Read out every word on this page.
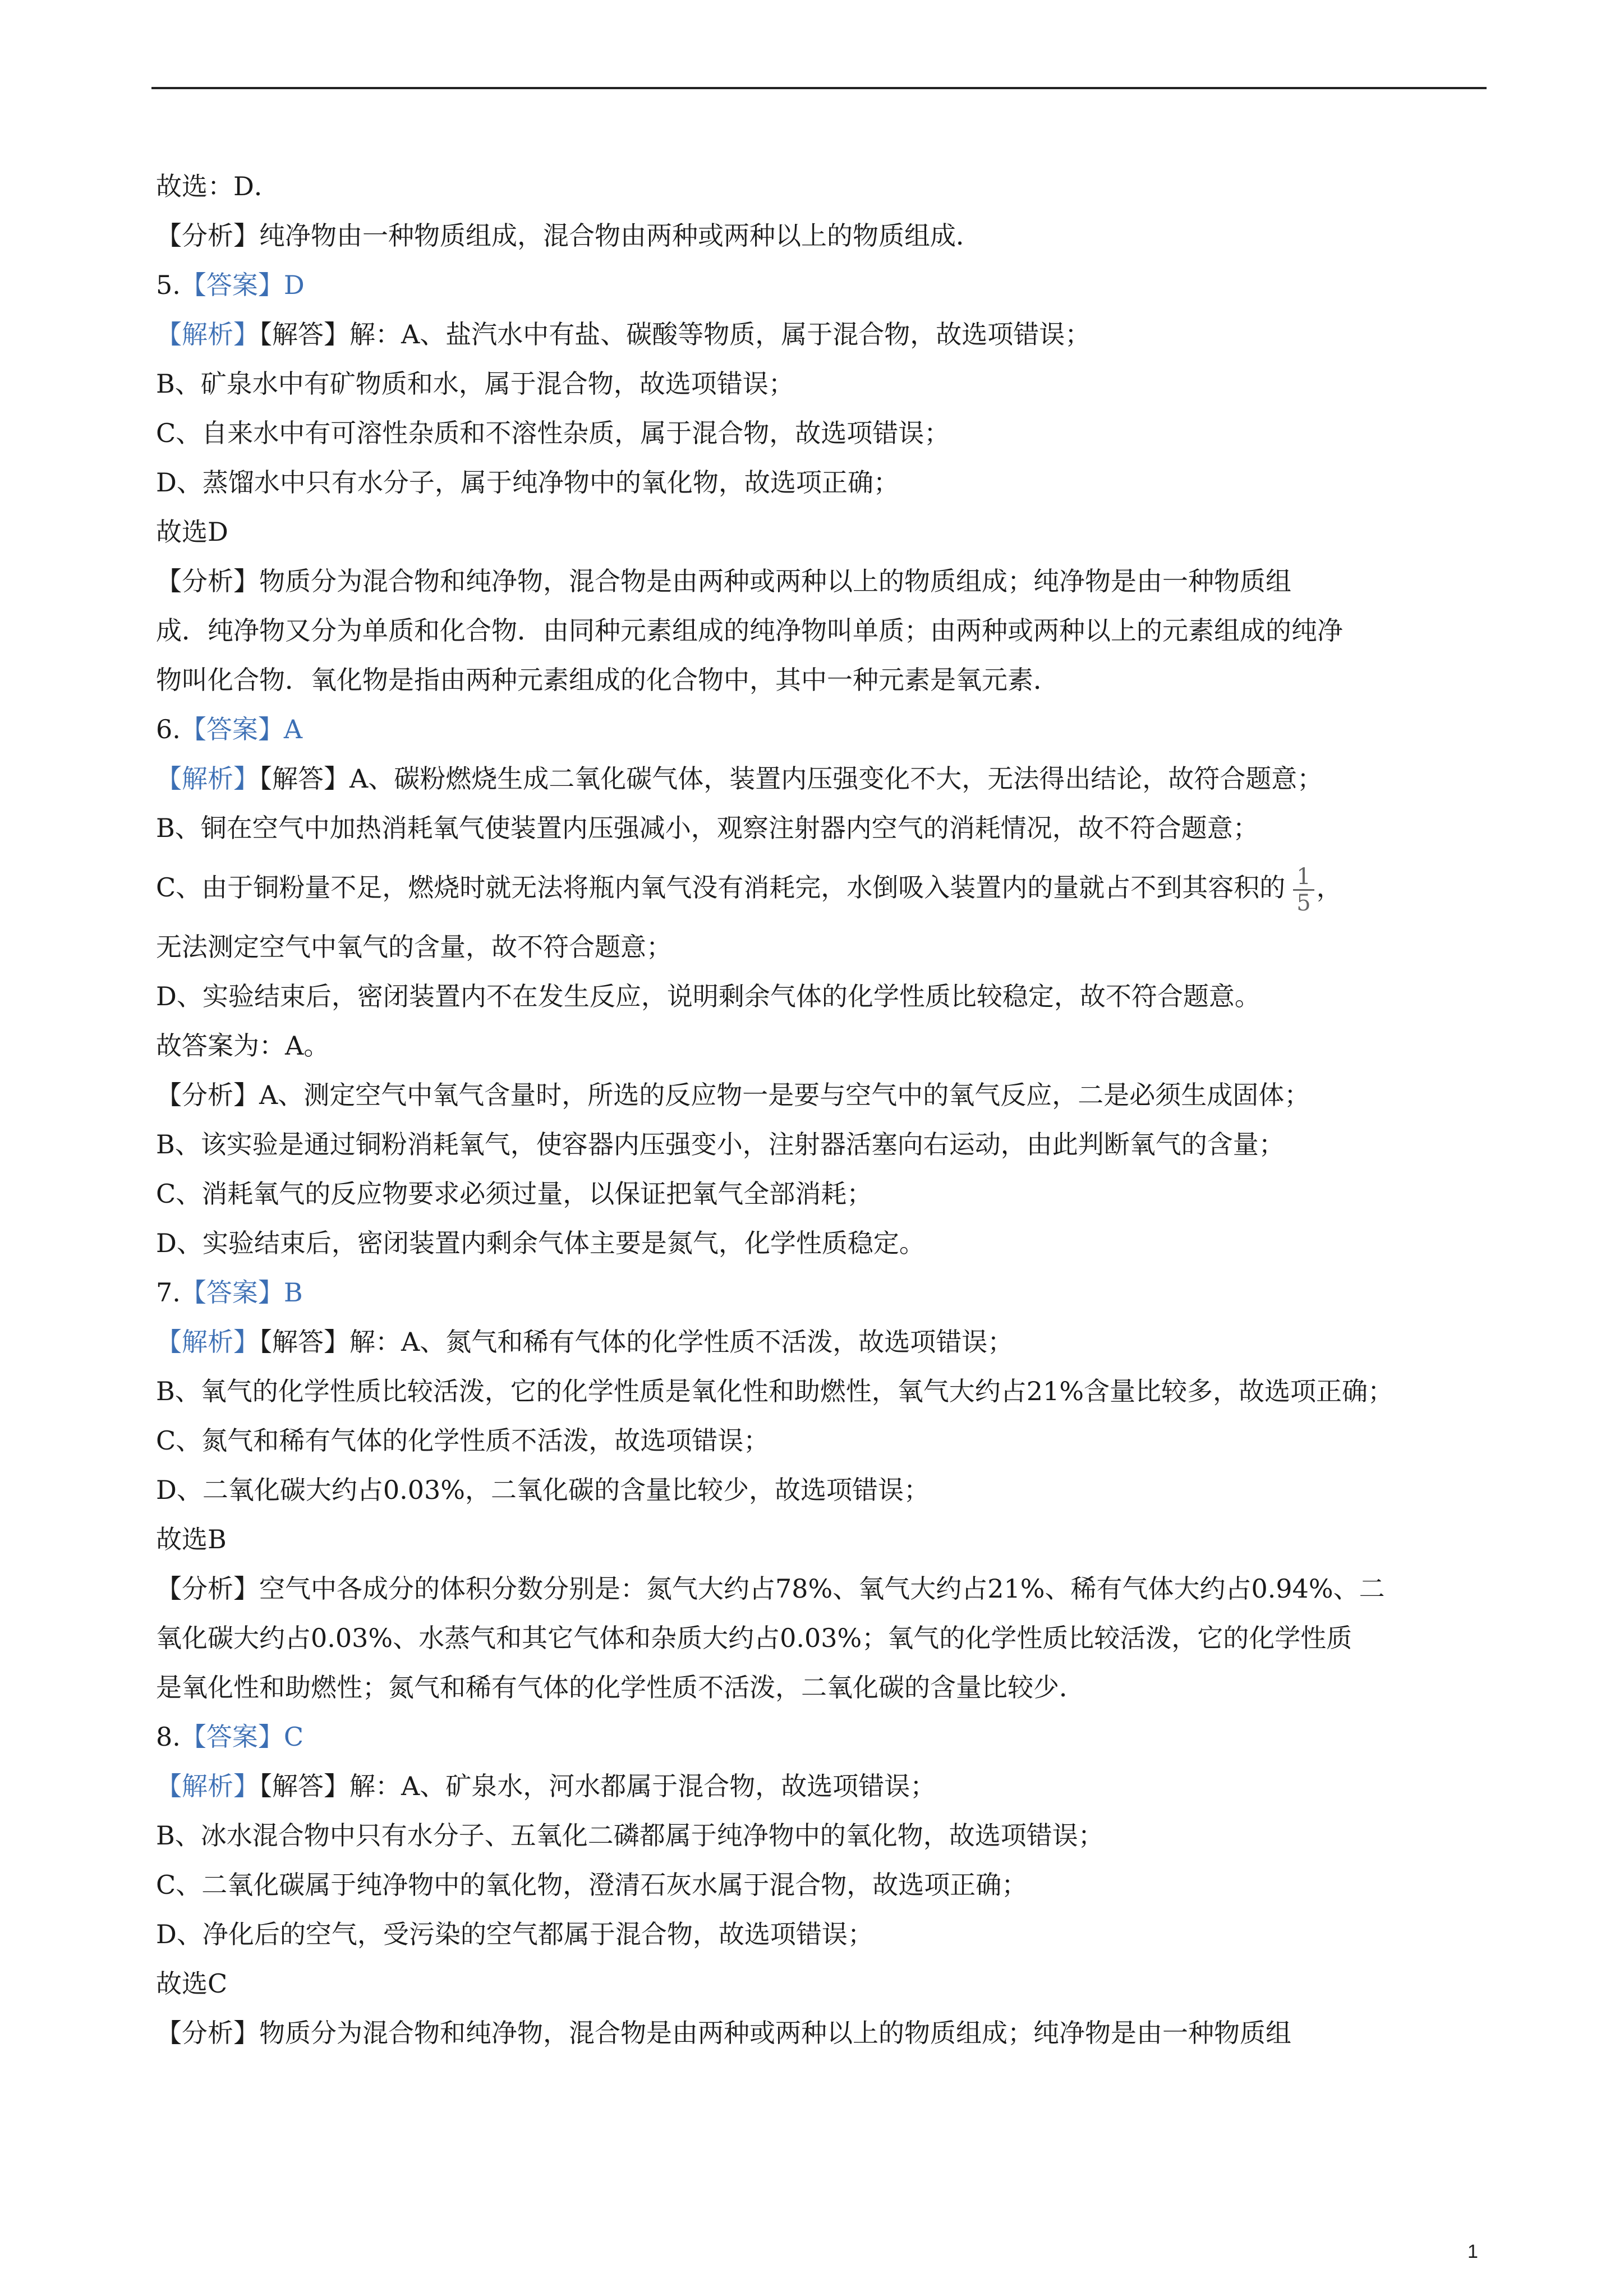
故选：D．
【分析】纯净物由一种物质组成，混合物由两种或两种以上的物质组成．
5.【答案】D
【解析】【解答】解：A、盐汽水中有盐、碳酸等物质，属于混合物，故选项错误；
B、矿泉水中有矿物质和水，属于混合物，故选项错误；
C、自来水中有可溶性杂质和不溶性杂质，属于混合物，故选项错误；
D、蒸馏水中只有水分子，属于纯净物中的氧化物，故选项正确；
故选D
【分析】物质分为混合物和纯净物，混合物是由两种或两种以上的物质组成；纯净物是由一种物质组
成．纯净物又分为单质和化合物．由同种元素组成的纯净物叫单质；由两种或两种以上的元素组成的纯净
物叫化合物．氧化物是指由两种元素组成的化合物中，其中一种元素是氧元素．
6.【答案】A
【解析】【解答】A、碳粉燃烧生成二氧化碳气体，装置内压强变化不大，无法得出结论，故符合题意；
B、铜在空气中加热消耗氧气使装置内压强减小，观察注射器内空气的消耗情况，故不符合题意；
C、由于铜粉量不足，燃烧时就无法将瓶内氧气没有消耗完，水倒吸入装置内的量就占不到其容积的 $\frac{1}{5}$ ，
无法测定空气中氧气的含量，故不符合题意；
D、实验结束后，密闭装置内不在发生反应，说明剩余气体的化学性质比较稳定，故不符合题意。
故答案为：A。
【分析】A、测定空气中氧气含量时，所选的反应物一是要与空气中的氧气反应，二是必须生成固体；
B、该实验是通过铜粉消耗氧气，使容器内压强变小，注射器活塞向右运动，由此判断氧气的含量；
C、消耗氧气的反应物要求必须过量，以保证把氧气全部消耗；
D、实验结束后，密闭装置内剩余气体主要是氮气，化学性质稳定。
7.【答案】B
【解析】【解答】解：A、氮气和稀有气体的化学性质不活泼，故选项错误；
B、氧气的化学性质比较活泼，它的化学性质是氧化性和助燃性，氧气大约占21%含量比较多，故选项正确；
C、氮气和稀有气体的化学性质不活泼，故选项错误；
D、二氧化碳大约占0.03%，二氧化碳的含量比较少，故选项错误；
故选B
【分析】空气中各成分的体积分数分别是：氮气大约占78%、氧气大约占21%、稀有气体大约占0.94%、二
氧化碳大约占0.03%、水蒸气和其它气体和杂质大约占0.03%；氧气的化学性质比较活泼，它的化学性质
是氧化性和助燃性；氮气和稀有气体的化学性质不活泼，二氧化碳的含量比较少．
8.【答案】C
【解析】【解答】解：A、矿泉水，河水都属于混合物，故选项错误；
B、冰水混合物中只有水分子、五氧化二磷都属于纯净物中的氧化物，故选项错误；
C、二氧化碳属于纯净物中的氧化物，澄清石灰水属于混合物，故选项正确；
D、净化后的空气，受污染的空气都属于混合物，故选项错误；
故选C
【分析】物质分为混合物和纯净物，混合物是由两种或两种以上的物质组成；纯净物是由一种物质组
1
